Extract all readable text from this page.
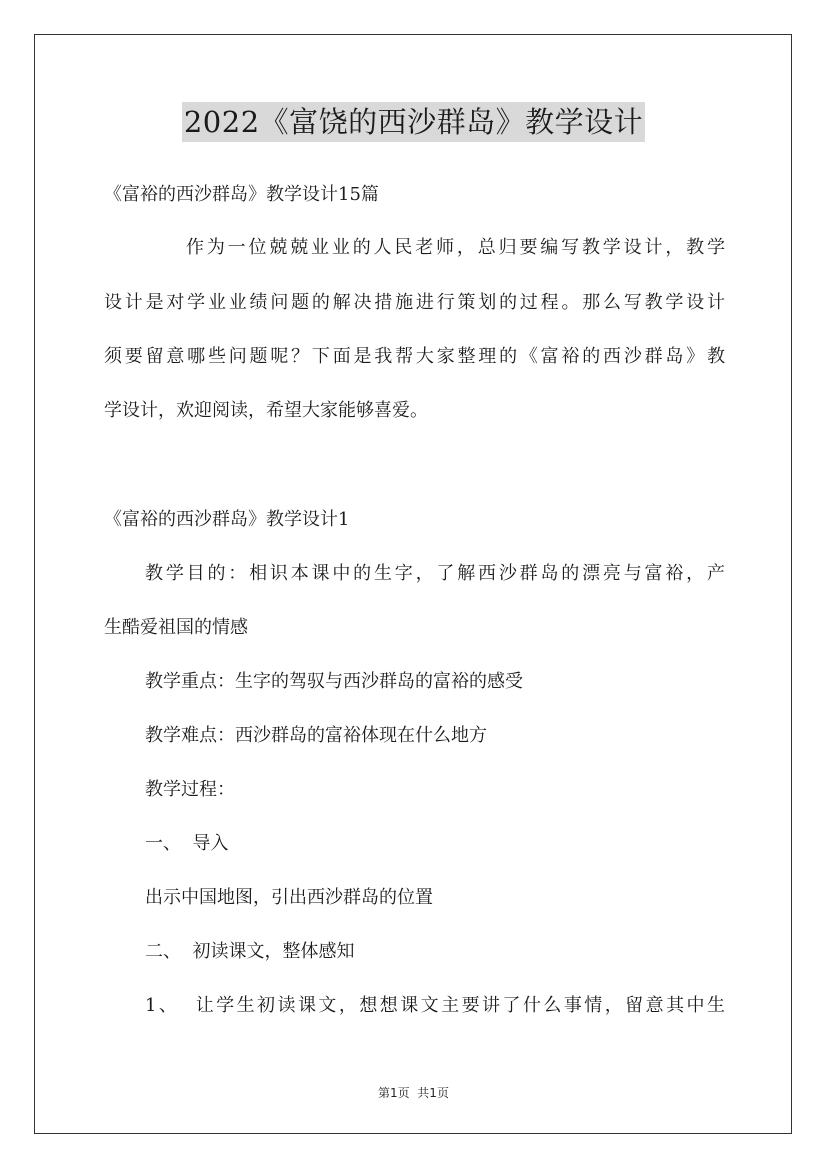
2022《富饶的西沙群岛》教学设计
《富裕的西沙群岛》教学设计15篇
作为一位兢兢业业的人民老师，总归要编写教学设计，教学
设计是对学业业绩问题的解决措施进行策划的过程。那么写教学设计
须要留意哪些问题呢？下面是我帮大家整理的《富裕的西沙群岛》教
学设计，欢迎阅读，希望大家能够喜爱。
《富裕的西沙群岛》教学设计1
教学目的：相识本课中的生字，了解西沙群岛的漂亮与富裕，产
生酷爱祖国的情感
教学重点：生字的驾驭与西沙群岛的富裕的感受
教学难点：西沙群岛的富裕体现在什么地方
教学过程：
一、  导入
出示中国地图，引出西沙群岛的位置
二、  初读课文，整体感知
1、  让学生初读课文，想想课文主要讲了什么事情，留意其中生
第1页  共1页
